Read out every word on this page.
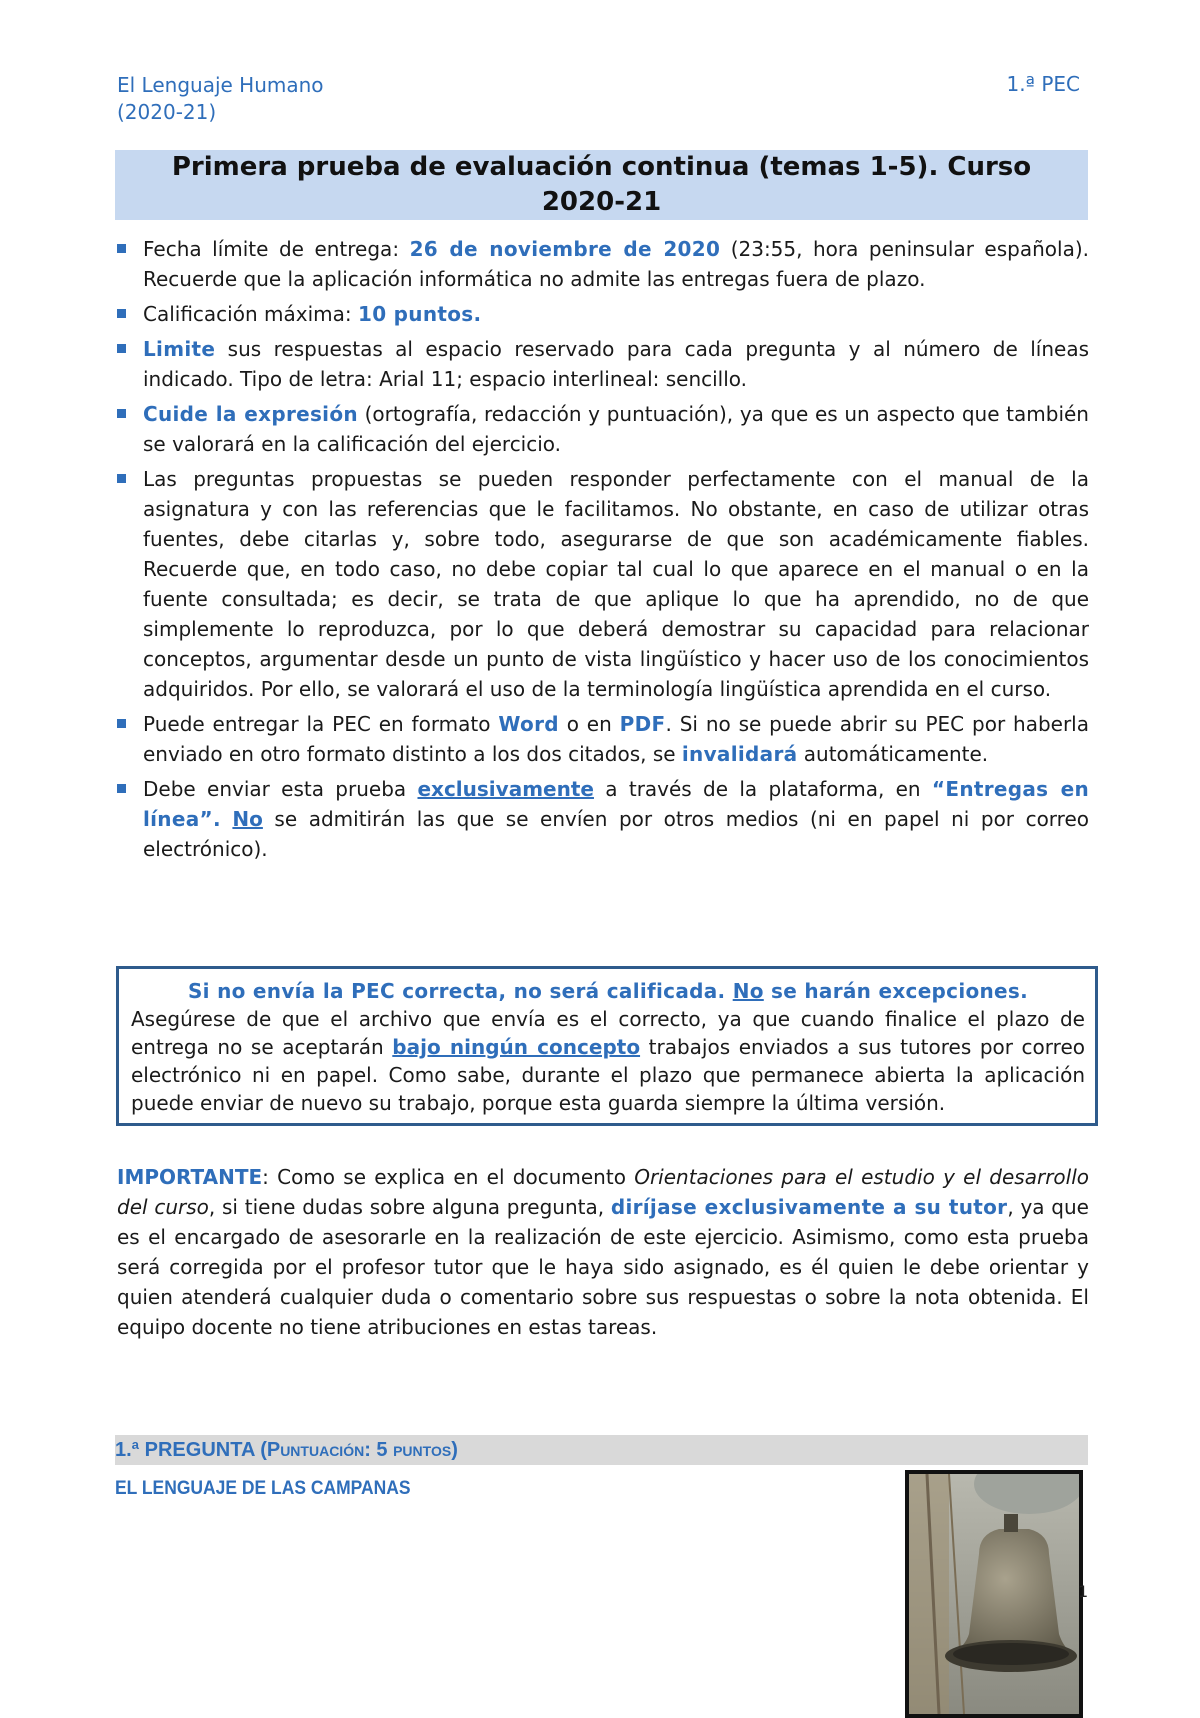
El Lenguaje Humano
(2020-21)
1.ª PEC
Primera prueba de evaluación continua (temas 1-5). Curso
2020-21
Fecha límite de entrega: 26 de noviembre de 2020 (23:55, hora peninsular española). Recuerde que la aplicación informática no admite las entregas fuera de plazo.
Calificación máxima: 10 puntos.
Limite sus respuestas al espacio reservado para cada pregunta y al número de líneas indicado. Tipo de letra: Arial 11; espacio interlineal: sencillo.
Cuide la expresión (ortografía, redacción y puntuación), ya que es un aspecto que también se valorará en la calificación del ejercicio.
Las preguntas propuestas se pueden responder perfectamente con el manual de la asignatura y con las referencias que le facilitamos. No obstante, en caso de utilizar otras fuentes, debe citarlas y, sobre todo, asegurarse de que son académicamente fiables. Recuerde que, en todo caso, no debe copiar tal cual lo que aparece en el manual o en la fuente consultada; es decir, se trata de que aplique lo que ha aprendido, no de que simplemente lo reproduzca, por lo que deberá demostrar su capacidad para relacionar conceptos, argumentar desde un punto de vista lingüístico y hacer uso de los conocimientos adquiridos. Por ello, se valorará el uso de la terminología lingüística aprendida en el curso.
Puede entregar la PEC en formato Word o en PDF. Si no se puede abrir su PEC por haberla enviado en otro formato distinto a los dos citados, se invalidará automáticamente.
Debe enviar esta prueba exclusivamente a través de la plataforma, en “Entregas en línea”. No se admitirán las que se envíen por otros medios (ni en papel ni por correo electrónico).
Si no envía la PEC correcta, no será calificada. No se harán excepciones.
Asegúrese de que el archivo que envía es el correcto, ya que cuando finalice el plazo de entrega no se aceptarán bajo ningún concepto trabajos enviados a sus tutores por correo electrónico ni en papel. Como sabe, durante el plazo que permanece abierta la aplicación puede enviar de nuevo su trabajo, porque esta guarda siempre la última versión.
IMPORTANTE: Como se explica en el documento Orientaciones para el estudio y el desarrollo del curso, si tiene dudas sobre alguna pregunta, diríjase exclusivamente a su tutor, ya que es el encargado de asesorarle en la realización de este ejercicio. Asimismo, como esta prueba será corregida por el profesor tutor que le haya sido asignado, es él quien le debe orientar y quien atenderá cualquier duda o comentario sobre sus respuestas o sobre la nota obtenida. El equipo docente no tiene atribuciones en estas tareas.
1.ª PREGUNTA (Puntuación: 5 puntos)
EL LENGUAJE DE LAS CAMPANAS
1
